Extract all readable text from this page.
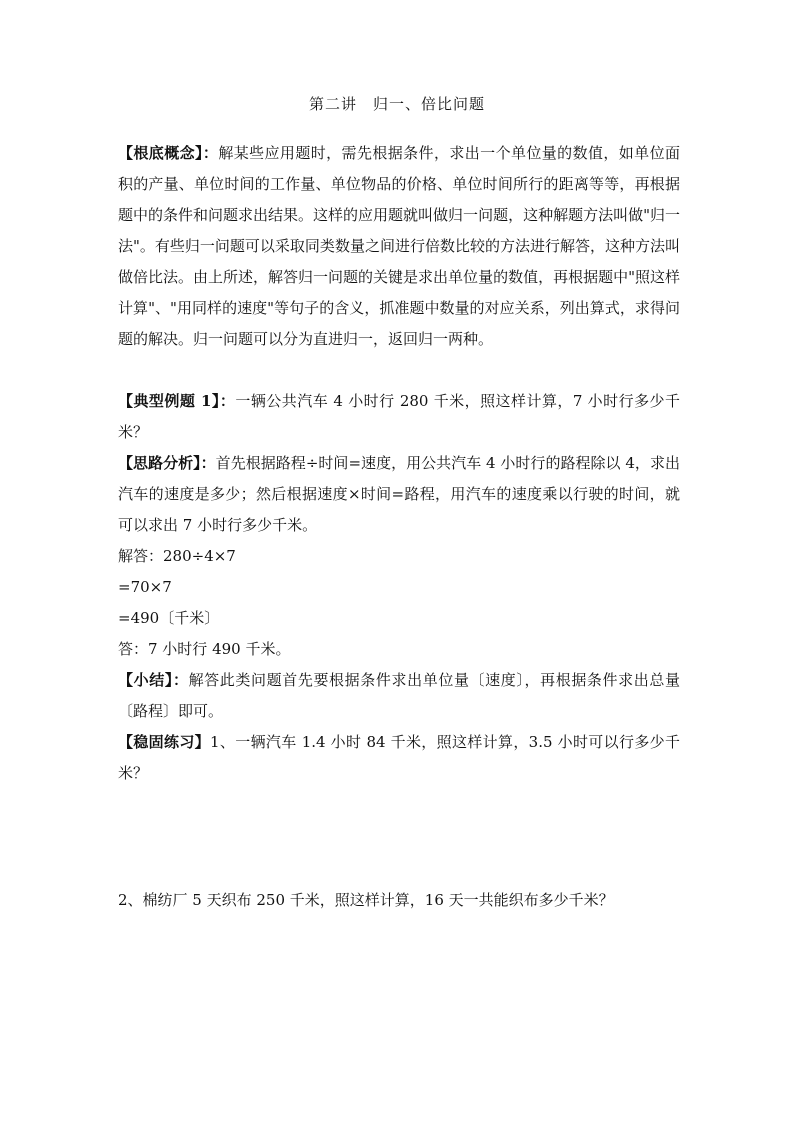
第二讲　归一、倍比问题
【根底概念】：解某些应用题时，需先根据条件，求出一个单位量的数值，如单位面积的产量、单位时间的工作量、单位物品的价格、单位时间所行的距离等等，再根据题中的条件和问题求出结果。这样的应用题就叫做归一问题，这种解题方法叫做"归一法"。有些归一问题可以采取同类数量之间进行倍数比较的方法进行解答，这种方法叫做倍比法。由上所述，解答归一问题的关键是求出单位量的数值，再根据题中"照这样计算"、"用同样的速度"等句子的含义，抓准题中数量的对应关系，列出算式，求得问题的解决。归一问题可以分为直进归一，返回归一两种。
【典型例题 1】：一辆公共汽车 4 小时行 280 千米，照这样计算，7 小时行多少千米？
【思路分析】：首先根据路程÷时间=速度，用公共汽车 4 小时行的路程除以 4，求出汽车的速度是多少；然后根据速度×时间=路程，用汽车的速度乘以行驶的时间，就可以求出 7 小时行多少千米。
解答：280÷4×7
=70×7
=490〔千米〕
答：7 小时行 490 千米。
【小结】：解答此类问题首先要根据条件求出单位量〔速度〕，再根据条件求出总量〔路程〕即可。
【稳固练习】1、一辆汽车 1.4 小时 84 千米，照这样计算，3.5 小时可以行多少千米？
2、棉纺厂 5 天织布 250 千米，照这样计算，16 天一共能织布多少千米？
